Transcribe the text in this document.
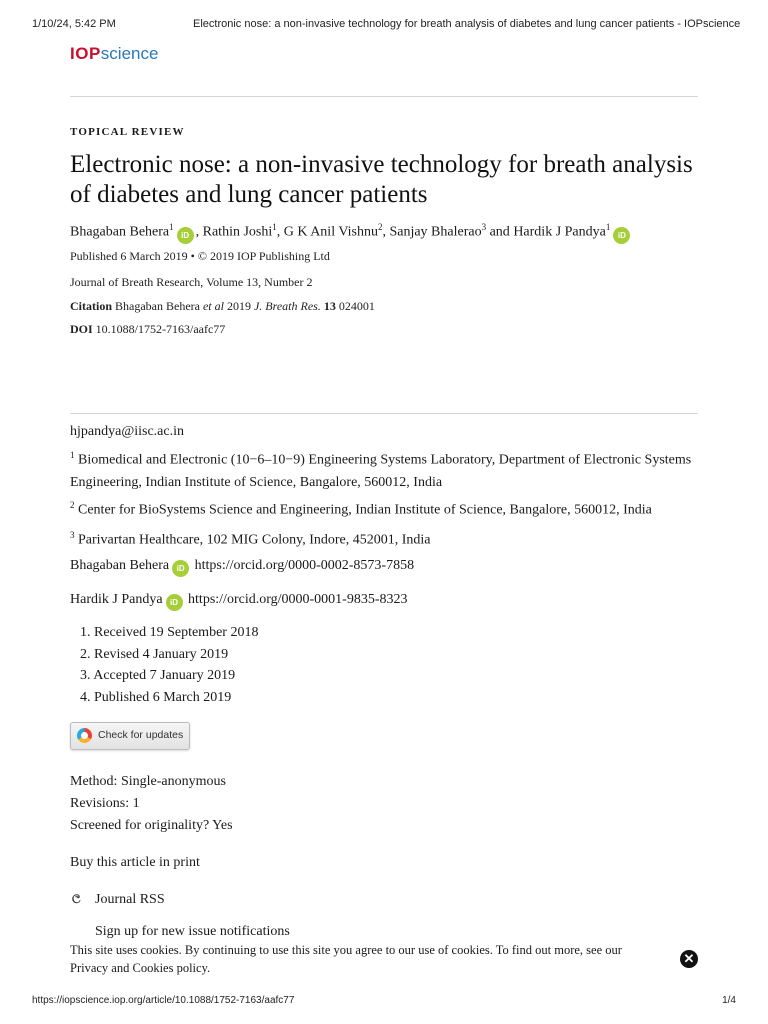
1/10/24, 5:42 PM	Electronic nose: a non-invasive technology for breath analysis of diabetes and lung cancer patients - IOPscience
IOPscience
TOPICAL REVIEW
Electronic nose: a non-invasive technology for breath analysis of diabetes and lung cancer patients
Bhagaban Behera$^1$iD , Rathin Joshi$^1$, G K Anil Vishnu$^2$, Sanjay Bhalerao$^3$ and Hardik J Pandya$^1$iD
Published 6 March 2019 • © 2019 IOP Publishing Ltd
Journal of Breath Research, Volume 13, Number 2
Citation Bhagaban Behera et al 2019 J. Breath Res. 13 024001
DOI 10.1088/1752-7163/aafc77
hjpandya@iisc.ac.in
$^1$ Biomedical and Electronic (10−6–10−9) Engineering Systems Laboratory, Department of Electronic Systems Engineering, Indian Institute of Science, Bangalore, 560012, India
$^2$ Center for BioSystems Science and Engineering, Indian Institute of Science, Bangalore, 560012, India
$^3$ Parivartan Healthcare, 102 MIG Colony, Indore, 452001, India
Bhagaban Behera iD https://orcid.org/0000-0002-8573-7858
Hardik J Pandya iD https://orcid.org/0000-0001-9835-8323
1. Received 19 September 2018
2. Revised 4 January 2019
3. Accepted 7 January 2019
4. Published 6 March 2019
Check for updates
Method: Single-anonymous
Revisions: 1
Screened for originality? Yes
Buy this article in print
ල Journal RSS
Sign up for new issue notifications
This site uses cookies. By continuing to use this site you agree to our use of cookies. To find out more, see our Privacy and Cookies policy.
✕
https://iopscience.iop.org/article/10.1088/1752-7163/aafc77	1/4
